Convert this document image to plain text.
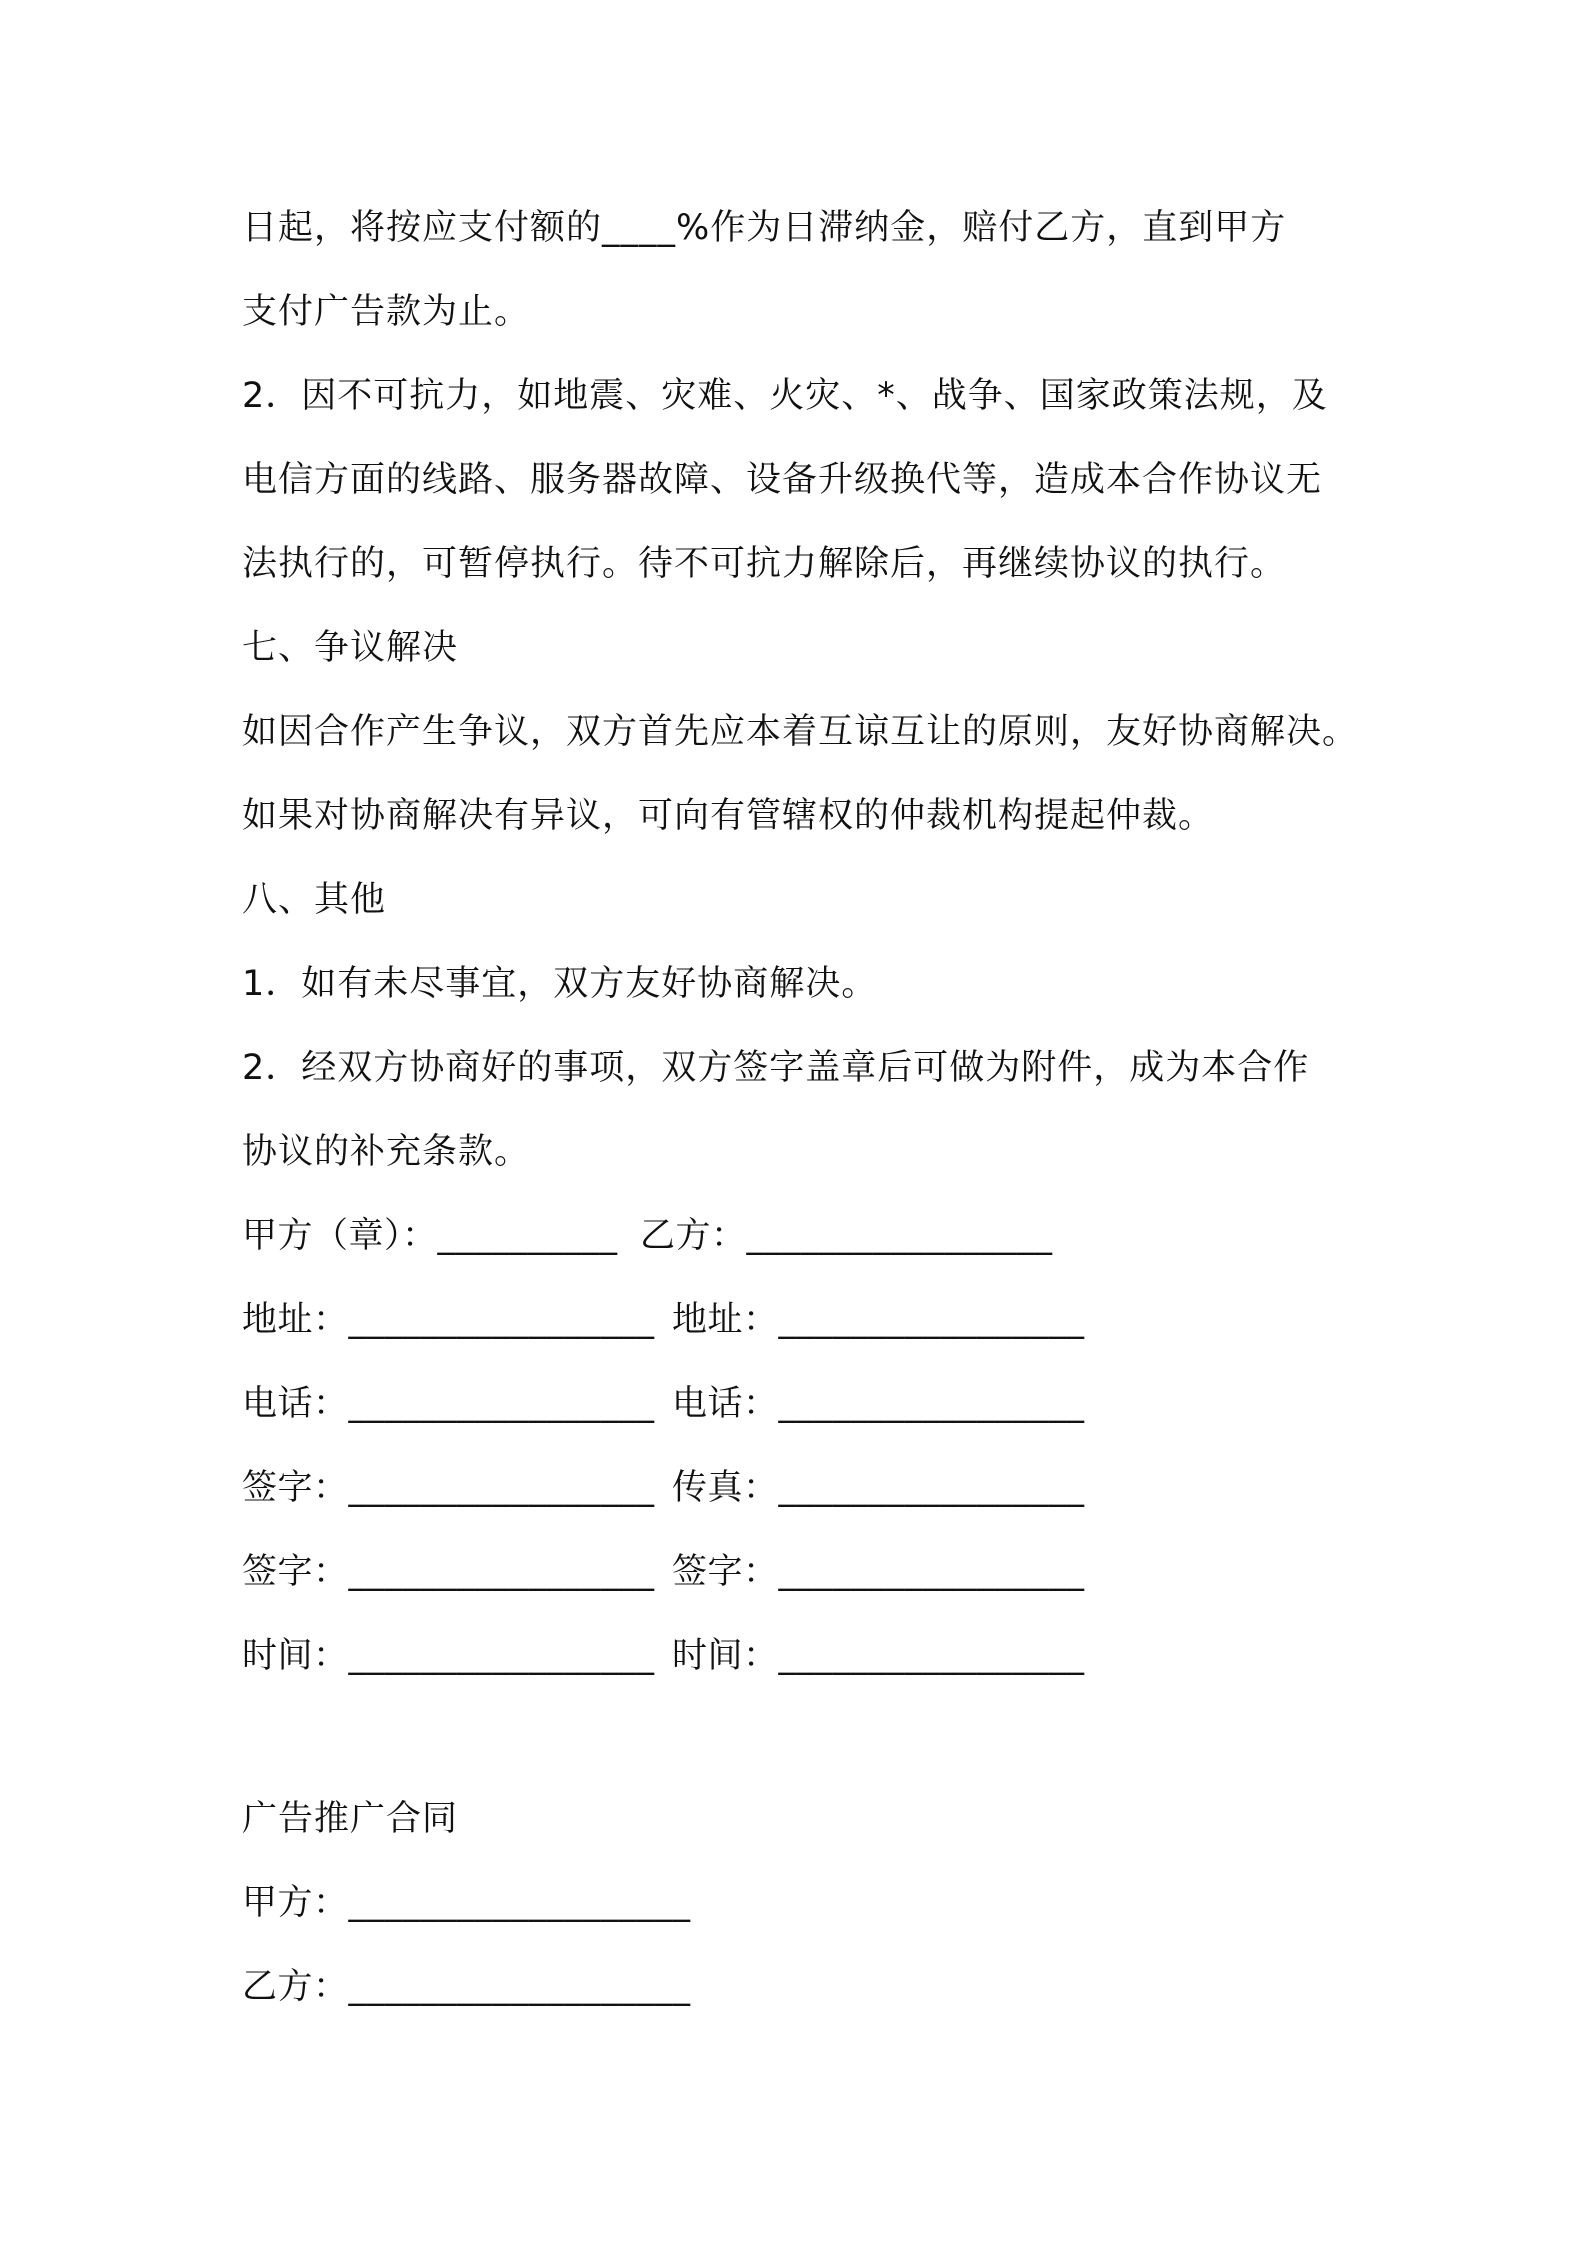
日起，将按应支付额的____%作为日滞纳金，赔付乙方，直到甲方
支付广告款为止。
2．因不可抗力，如地震、灾难、火灾、*、战争、国家政策法规，及
电信方面的线路、服务器故障、设备升级换代等，造成本合作协议无
法执行的，可暂停执行。待不可抗力解除后，再继续协议的执行。
七、争议解决
如因合作产生争议，双方首先应本着互谅互让的原则，友好协商解决。
如果对协商解决有异议，可向有管辖权的仲裁机构提起仲裁。
八、其他
1．如有未尽事宜，双方友好协商解决。
2．经双方协商好的事项，双方签字盖章后可做为附件，成为本合作
协议的补充条款。
甲方（章）：__________ 乙方：_________________
地址：_________________ 地址：_________________
电话：_________________ 电话：_________________
签字：_________________ 传真：_________________
签字：_________________ 签字：_________________
时间：_________________ 时间：_________________
广告推广合同
甲方：___________________
乙方：___________________
